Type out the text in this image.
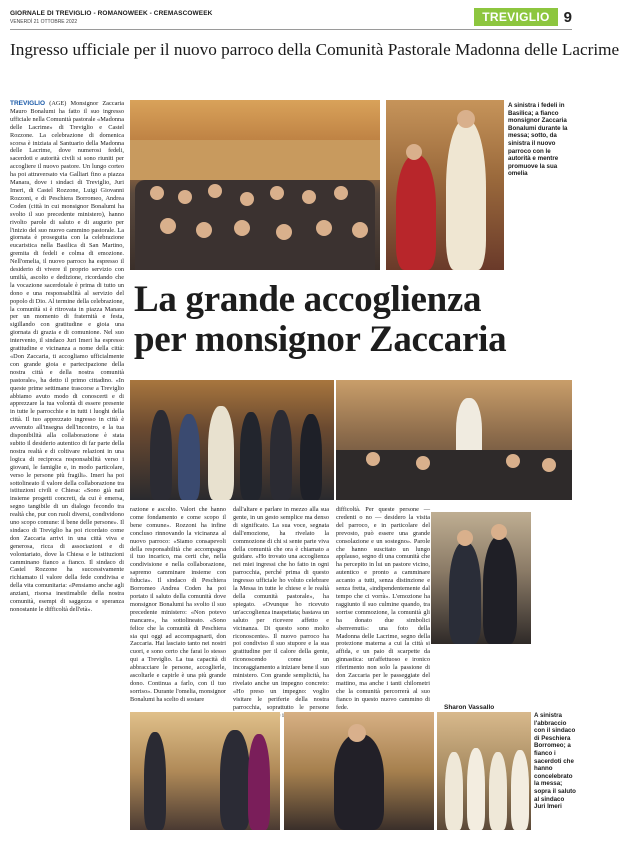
GIORNALE DI TREVIGLIO - ROMANOWEEK - CREMASCOWEEK
VENERDÌ 21 OTTOBRE 2022	TREVIGLIO 9
Ingresso ufficiale per il nuovo parroco della Comunità Pastorale Madonna delle Lacrime
TREVIGLIO (AGE) Monsignor Zaccaria Mauro Bonalumi ha fatto il suo ingresso ufficiale nella Comunità pastorale «Madonna delle Lacrime» di Treviglio e Castel Rozzone. La celebrazione di domenica scorsa è iniziata al Santuario della Madonna delle Lacrime, dove numerosi fedeli, sacerdoti e autorità civili si sono riuniti per accogliere il nuovo pastore. Un lungo corteo ha poi attraversato via Galliari fino a piazza Manara, dove i sindaci di Treviglio, Juri Imeri, di Castel Rozzone, Luigi Giovanni Rozzoni, e di Peschiera Borromeo, Andrea Coden (città in cui monsignor Bonalumi ha svolto il suo precedente ministero), hanno rivolto parole di saluto e di augurio per l'inizio del suo nuovo cammino pastorale. La giornata è proseguita con la celebrazione eucaristica nella Basilica di San Martino, gremita di fedeli e colma di emozione. Nell'omelia, il nuovo parroco ha espresso il desiderio di vivere il proprio servizio con umiltà, ascolto e dedizione, ricordando che la vocazione sacerdotale è prima di tutto un dono e una responsabilità al servizio del popolo di Dio. Al termine della celebrazione, la comunità si è ritrovata in piazza Manara per un momento di fraternità e festa, sigillando con gratitudine e gioia una giornata di grazia e di comunione. Nel suo intervento, il sindaco Juri Imeri ha espresso gratitudine e vicinanza a nome della città: «Don Zaccaria, ti accogliamo ufficialmente con grande gioia e partecipazione della nostra città e della nostra comunità pastorale», ha detto il primo cittadino. «In queste prime settimane trascorse a Treviglio abbiamo avuto modo di conoscerti e di apprezzare la tua volontà di essere presente in tutte le parrocchie e in tutti i luoghi della città. Il tuo apprezzato ingresso in città è avvenuto all'insegna dell'incontro, e la tua disponibilità alla collaborazione è stata subito il desiderio autentico di far parte della nostra realtà e di coltivare relazioni in una logica di reciproca responsabilità verso i giovani, le famiglie e, in modo particolare, verso le persone più fragili». Imeri ha poi sottolineato il valore della collaborazione tra istituzioni civili e Chiesa: «Sono già nati insieme progetti concreti, da cui è emersa, segno tangibile di un dialogo fecondo tra realtà che, pur con ruoli diversi, condividono uno scopo comune: il bene delle persone». Il sindaco di Treviglio ha poi ricordato come don Zaccaria arrivi in una città viva e generosa, ricca di associazioni e di volontariato, dove la Chiesa e le istituzioni camminano fianco a fianco. Il sindaco di Castel Rozzone ha successivamente richiamato il valore della fede condivisa e della vita comunitaria: «Pensiamo anche agli anziani, risorsa inestimabile della nostra comunità, esempi di saggezza e speranza nonostante le difficoltà dell'età».
A sinistra i fedeli in Basilica; a fianco monsignor Zaccaria Bonalumi durante la messa; sotto, da sinistra il nuovo parroco con le autorità e mentre promuove la sua omelia
La grande accoglienza
per monsignor Zaccaria
razione e ascolto. Valori che hanno come fondamento e come scopo il bene comune». Rozzoni ha infine concluso rinnovando la vicinanza al nuovo parroco: «Siamo consapevoli della responsabilità che accompagna il tuo incarico, ma certi che, nella condivisione e nella collaborazione, sapremo camminare insieme con fiducia». Il sindaco di Peschiera Borromeo Andrea Coden ha poi portato il saluto della comunità dove monsignor Bonalumi ha svolto il suo precedente ministero: «Non potevo mancare», ha sottolineato. «Sono felice che la comunità di Peschiera sia qui oggi ad accompagnarti, don Zaccaria. Hai lasciato tanto nei nostri cuori, e sono certo che farai lo stesso qui a Treviglio. La tua capacità di abbracciare le persone, accoglierle, ascoltarle e capirle è una più grande dono. Continua a farlo, con il tuo sorriso». Durante l'omelia, monsignor Bonalumi ha scelto di sostare
dall'altare e parlare in mezzo alla sua gente, in un gesto semplice ma denso di significato. La sua voce, segnata dall'emozione, ha rivelato la commozione di chi si sente parte viva della comunità che ora è chiamato a guidare. «Ho trovato una accoglienza nei miei ingressi che ho fatto in ogni parrocchia, perché prima di questo ingresso ufficiale ho voluto celebrare la Messa in tutte le chiese e le realtà della comunità pastorale», ha spiegato. «Ovunque ho ricevuto un'accoglienza inaspettata; bastava un saluto per ricevere affetto e vicinanza. Di questo sono molto riconoscente». Il nuovo parroco ha poi condiviso il suo stupore e la sua gratitudine per il calore della gente, riconoscendo come un incoraggiamento a iniziare bene il suo ministero. Con grande semplicità, ha rivelato anche un impegno concreto: «Ho preso un impegno: voglio visitare le periferie della nostra parrocchia, soprattutto le persone
difficoltà. Per queste persone — credenti o no — desidero la visita del parroco, e in particolare del prevosto, può essere una grande consolazione e un sostegno». Parole che hanno suscitato un lungo applauso, segno di una comunità che ha percepito in lui un pastore vicino, autentico e pronto a camminare accanto a tutti, senza distinzione e senza fretta, «indipendentemente dal tempo che ci vorrà». L'emozione ha raggiunto il suo culmine quando, tra sorrise commozione, la comunità gli ha donato due simbolici «benvenuti»: una foto della Madonna delle Lacrime, segno della protezione materna a cui la città si affida, e un paio di scarpette da ginnastica: un'affettuoso e ironico riferimento non solo la passione di don Zaccaria per le passeggiate del mattino, ma anche i tanti chilometri che la comunità percorrerà al suo fianco in questo nuovo cammino di fede.	Sharon Vassallo
A sinistra l'abbraccio con il sindaco di Peschiera Borromeo; a fianco i sacerdoti che hanno concelebrato la messa; sopra il saluto al sindaco Juri Imeri
